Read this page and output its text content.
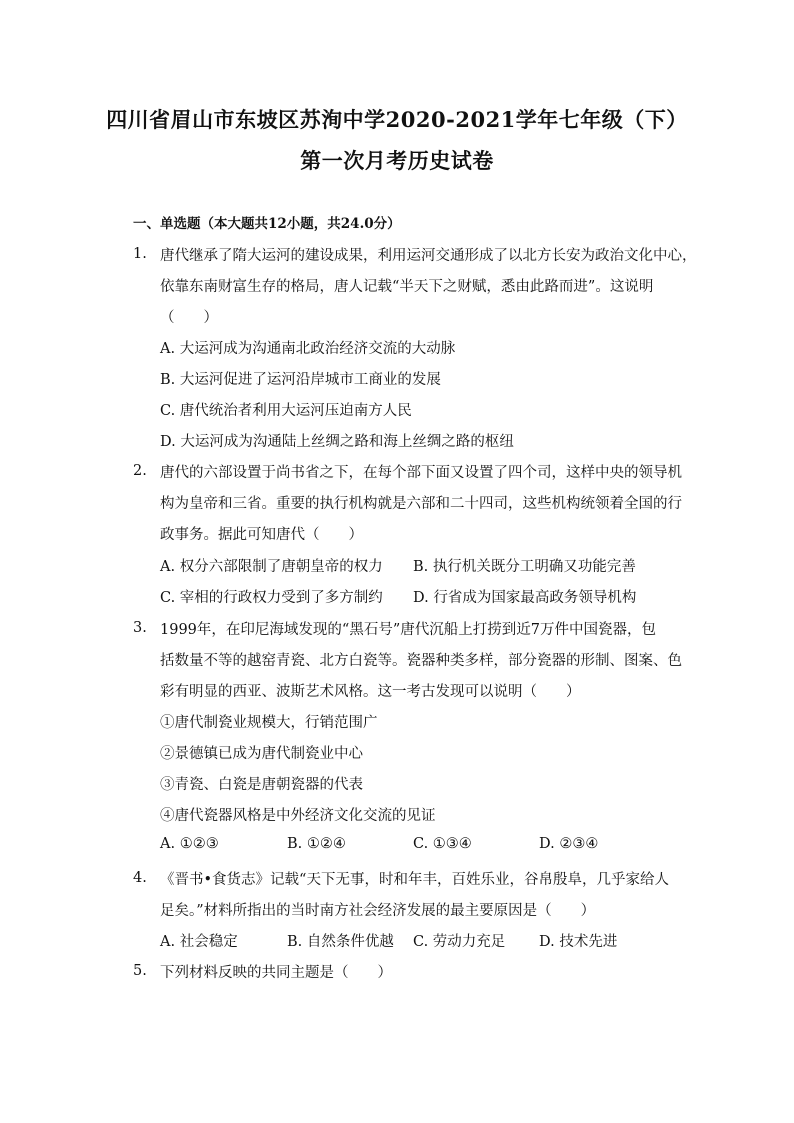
四川省眉山市东坡区苏洵中学2020-2021学年七年级（下）
第一次月考历史试卷
一、单选题（本大题共12小题，共24.0分）
1. 唐代继承了隋大运河的建设成果，利用运河交通形成了以北方长安为政治文化中心，
依靠东南财富生存的格局，唐人记载“半天下之财赋，悉由此路而进”。这说明
（　　）
A. 大运河成为沟通南北政治经济交流的大动脉
B. 大运河促进了运河沿岸城市工商业的发展
C. 唐代统治者利用大运河压迫南方人民
D. 大运河成为沟通陆上丝绸之路和海上丝绸之路的枢纽
2. 唐代的六部设置于尚书省之下，在每个部下面又设置了四个司，这样中央的领导机
构为皇帝和三省。重要的执行机构就是六部和二十四司，这些机构统领着全国的行
政事务。据此可知唐代（　　）
A. 权分六部限制了唐朝皇帝的权力 B. 执行机关既分工明确又功能完善
C. 宰相的行政权力受到了多方制约 D. 行省成为国家最高政务领导机构
3. 1999年，在印尼海域发现的“黑石号”唐代沉船上打捞到近7万件中国瓷器，包
括数量不等的越窑青瓷、北方白瓷等。瓷器种类多样，部分瓷器的形制、图案、色
彩有明显的西亚、波斯艺术风格。这一考古发现可以说明（　　）
①唐代制瓷业规模大，行销范围广
②景德镇已成为唐代制瓷业中心
③青瓷、白瓷是唐朝瓷器的代表
④唐代瓷器风格是中外经济文化交流的见证
A. ①②③	B. ①②④	C. ①③④	D. ②③④
4. 《晋书•食货志》记载“天下无事，时和年丰，百姓乐业，谷帛殷阜，几乎家给人
足矣。”材料所指出的当时南方社会经济发展的最主要原因是（　　）
A. 社会稳定	B. 自然条件优越 C. 劳动力充足 D. 技术先进
5. 下列材料反映的共同主题是（　　）
